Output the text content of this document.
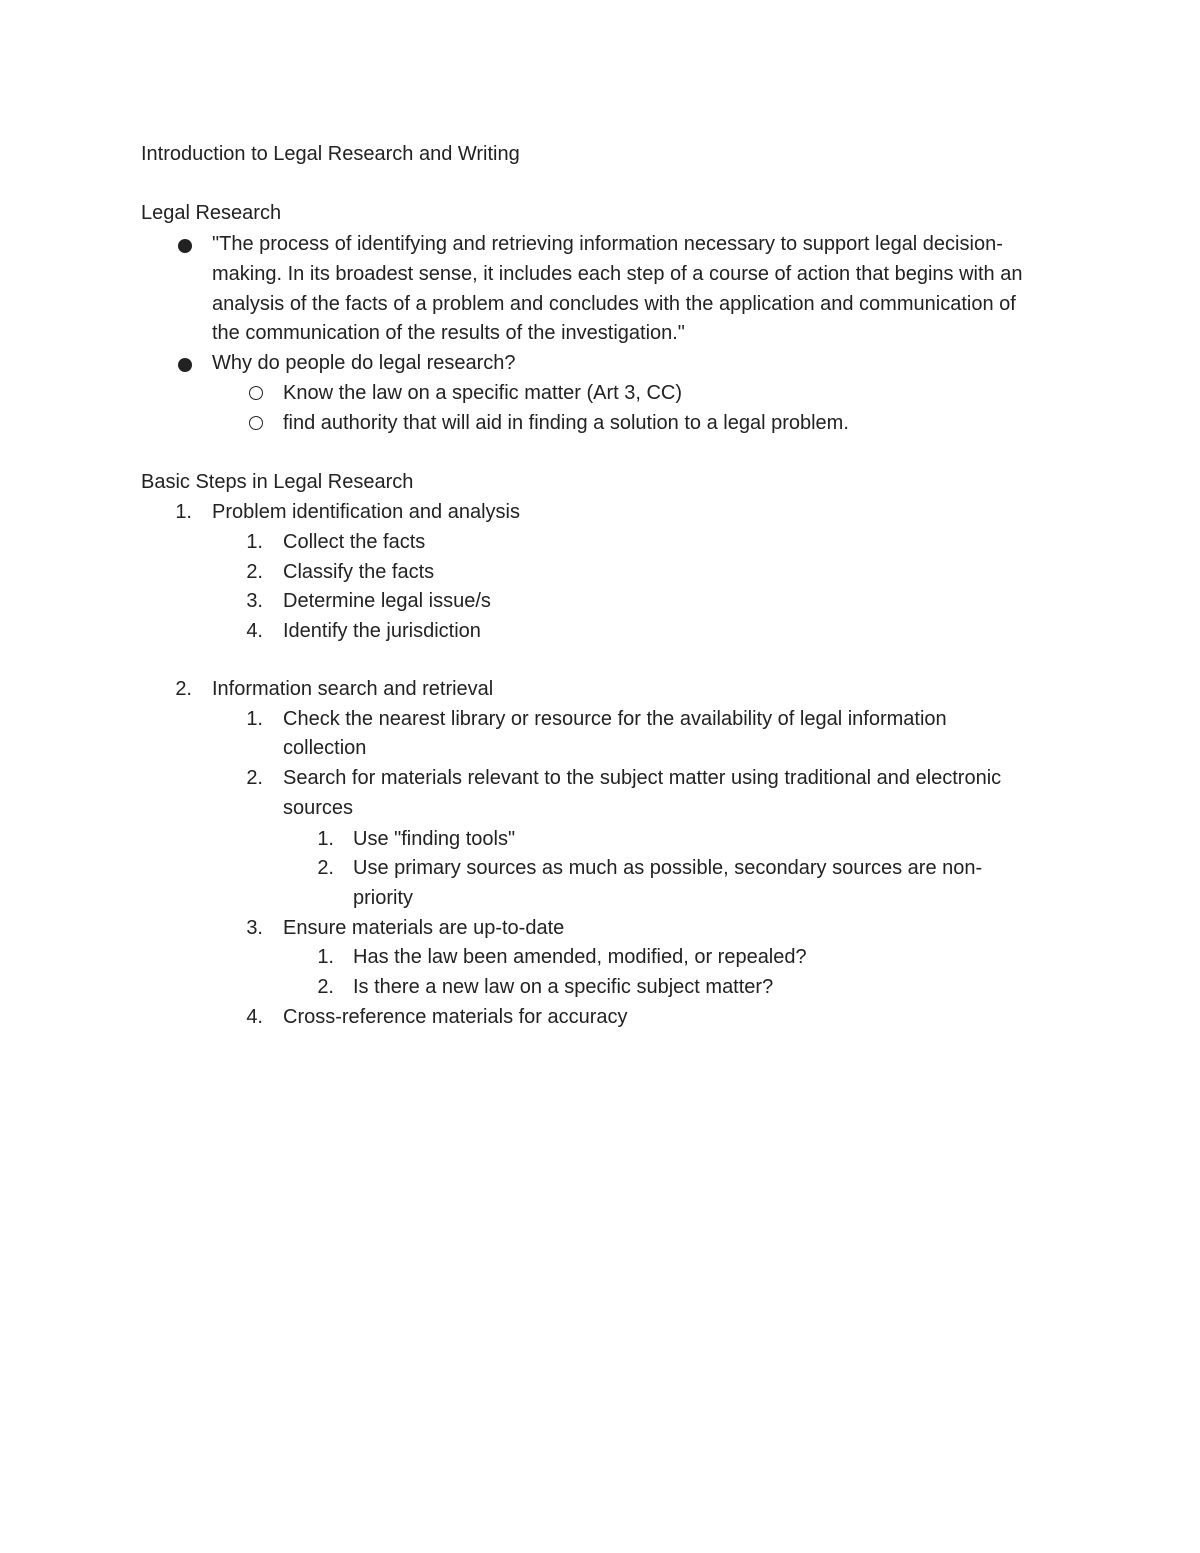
Introduction to Legal Research and Writing
Legal Research
"The process of identifying and retrieving information necessary to support legal decision-
making. In its broadest sense, it includes each step of a course of action that begins with an
analysis of the facts of a problem and concludes with the application and communication of
the communication of the results of the investigation."
Why do people do legal research?
Know the law on a specific matter (Art 3, CC)
find authority that will aid in finding a solution to a legal problem.
Basic Steps in Legal Research
1. Problem identification and analysis
1. Collect the facts
2. Classify the facts
3. Determine legal issue/s
4. Identify the jurisdiction
2. Information search and retrieval
1. Check the nearest library or resource for the availability of legal information
collection
2. Search for materials relevant to the subject matter using traditional and electronic
sources
1. Use "finding tools"
2. Use primary sources as much as possible, secondary sources are non-
priority
3. Ensure materials are up-to-date
1. Has the law been amended, modified, or repealed?
2. Is there a new law on a specific subject matter?
4. Cross-reference materials for accuracy
